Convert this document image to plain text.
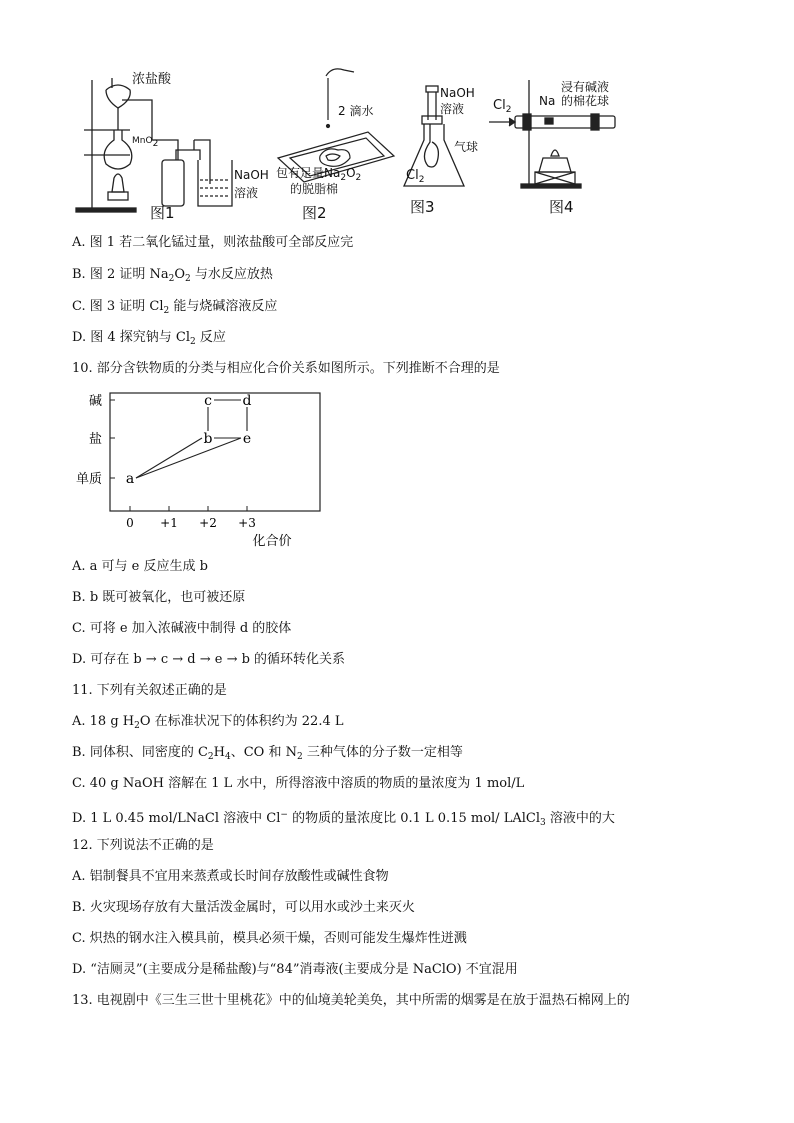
浓盐酸
MnO$_2$
NaOH
溶液
图1
2 滴水
包有足量$Na_2O_2$
的脱脂棉
图2
NaOH
溶液
气球
$Cl_2$
图3
$Cl_2$
Na
浸有碱液
的棉花球
图4
A. 图 1 若二氧化锰过量，则浓盐酸可全部反应完
B. 图 2 证明 $Na_2O_2$ 与水反应放热
C. 图 3 证明 $Cl_2$ 能与烧碱溶液反应
D. 图 4 探究钠与 $Cl_2$ 反应
10. 部分含铁物质的分类与相应化合价关系如图所示。下列推断不合理的是
单质
盐
碱
0 +1 +2 +3
化合价
a
b
c d
e
A. a 可与 e 反应生成 b
B. b 既可被氧化，也可被还原
C. 可将 e 加入浓碱液中制得 d 的胶体
D. 可存在 b → c → d → e → b 的循环转化关系
11. 下列有关叙述正确的是
A. 18 g $H_2O$ 在标准状况下的体积约为 22.4 L
B. 同体积、同密度的 $C_2H_4$、CO 和 $N_2$ 三种气体的分子数一定相等
C. 40 g NaOH 溶解在 1 L 水中，所得溶液中溶质的物质的量浓度为 1 mol/L
D. 1 L 0.45 mol/LNaCl 溶液中 Cl− 的物质的量浓度比 0.1 L 0.15 mol/ LAlCl$_3$ 溶液中的大
12. 下列说法不正确的是
A. 铝制餐具不宜用来蒸煮或长时间存放酸性或碱性食物
B. 火灾现场存放有大量活泼金属时，可以用水或沙土来灭火
C. 炽热的钢水注入模具前，模具必须干燥，否则可能发生爆炸性迸溅
D. “洁厕灵”(主要成分是稀盐酸)与“84”消毒液(主要成分是 NaClO) 不宜混用
13. 电视剧中《三生三世十里桃花》中的仙境美轮美奂，其中所需的烟雾是在放于温热石棉网上的
